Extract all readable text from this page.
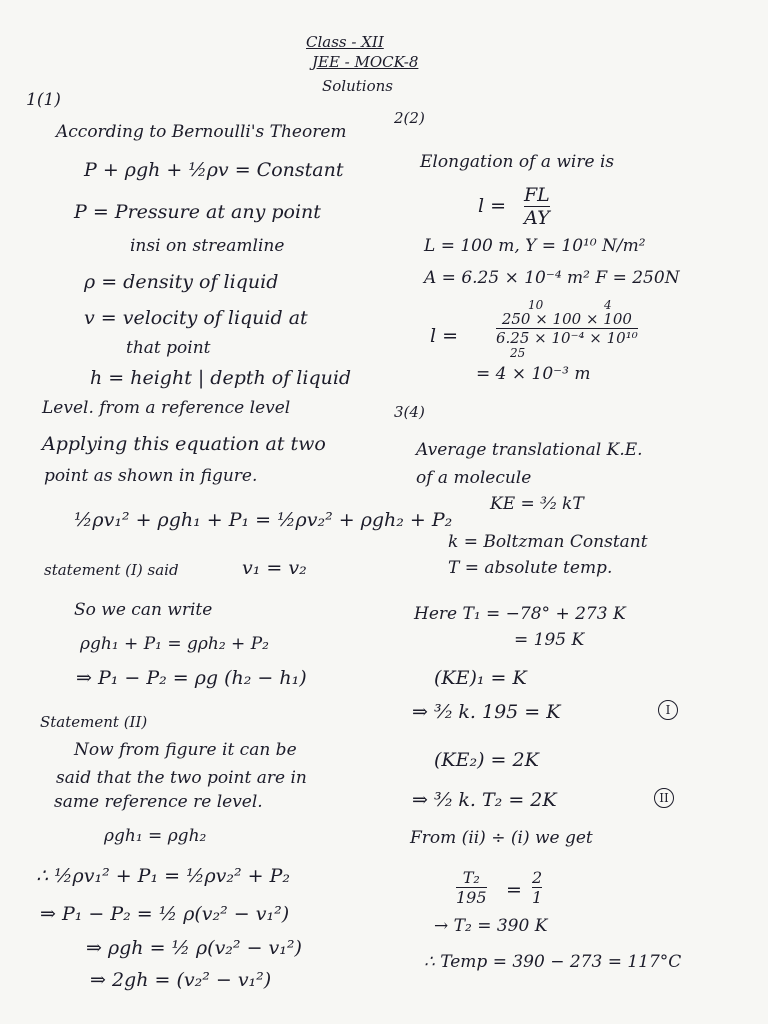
Class - XII
JEE - MOCK-8
Solutions
1(1)
According to Bernoulli's Theorem
P + ρgh + ½ρv = Constant
P = Pressure at any point
insi on streamline
ρ = density of liquid
v = velocity of liquid at
that point
h = height | depth of liquid
Level. from a reference level
Applying this equation at two
point as shown in figure.
½ρv₁² + ρgh₁ + P₁ = ½ρv₂² + ρgh₂ + P₂
statement (I) said	v₁ = v₂
So we can write
ρgh₁ + P₁ = gρh₂ + P₂
⇒ P₁ − P₂ = ρg (h₂ − h₁)
Statement (II)
Now from figure it can be
said that the two point are in
same reference re level.
ρgh₁ = ρgh₂
∴ ½ρv₁² + P₁ = ½ρv₂² + P₂
⇒ P₁ − P₂ = ½ ρ(v₂² − v₁²)
⇒ ρgh = ½ ρ(v₂² − v₁²)
⇒ 2gh = (v₂² − v₁²)
2(2)
Elongation of a wire is
l = FL
AY
L = 100 m, Y = 10¹⁰ N/m²
A = 6.25 × 10⁻⁴ m² F = 250N
10	4
l =
250 × 100 × 100
6.25 × 10⁻⁴ × 10¹⁰
25
= 4 × 10⁻³ m
3(4)
Average translational K.E.
of a molecule
KE = ³⁄₂ kT
k = Boltzman Constant
T = absolute temp.
Here T₁ = −78° + 273 K
= 195 K
(KE)₁ = K
⇒ ³⁄₂ k. 195 = K	I
(KE₂) = 2K
⇒ ³⁄₂ k. T₂ = 2K	II
From (ii) ÷ (i) we get
T₂
195 =
2
1
→ T₂ = 390 K
∴ Temp = 390 − 273 = 117°C
